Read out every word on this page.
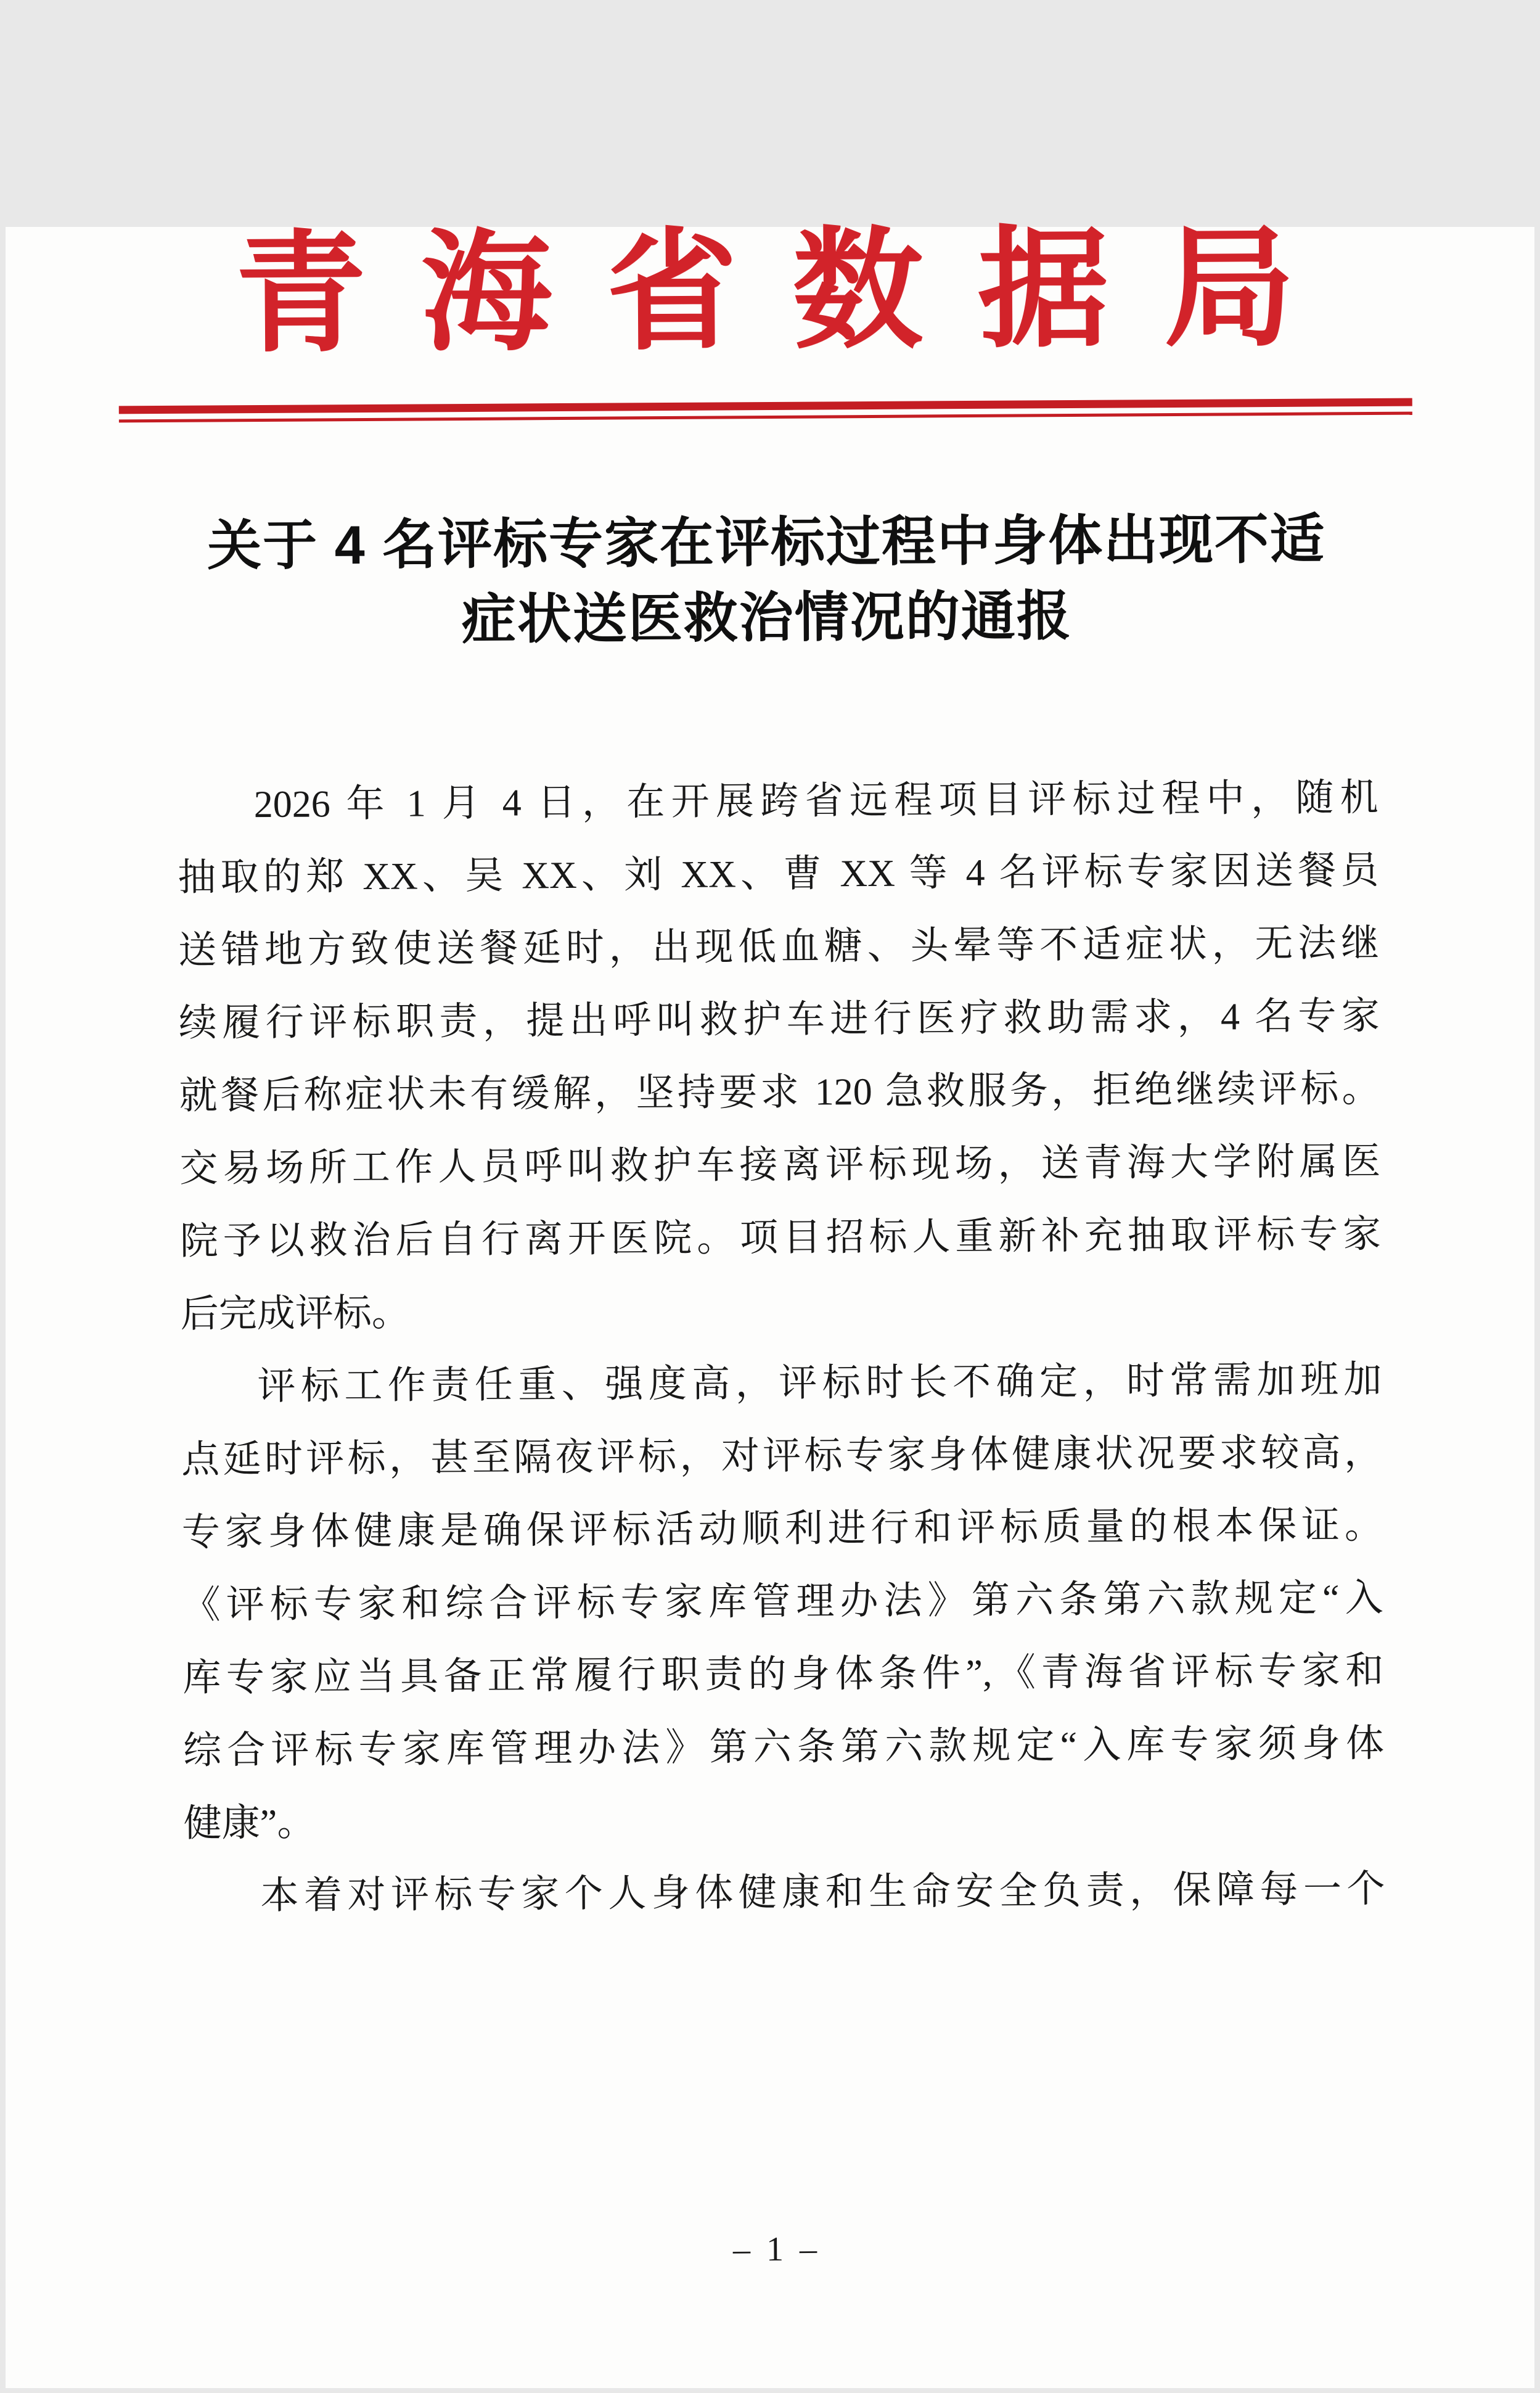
青 海 省 数 据 局
关于 4 名评标专家在评标过程中身体出现不适
症状送医救治情况的通报
2026 年 1 月 4 日，在开展跨省远程项目评标过程中，随机
抽取的郑 XX、吴 XX、刘 XX、曹 XX 等 4 名评标专家因送餐员
送错地方致使送餐延时，出现低血糖、头晕等不适症状，无法继
续履行评标职责，提出呼叫救护车进行医疗救助需求，4 名专家
就餐后称症状未有缓解，坚持要求 120 急救服务，拒绝继续评标。
交易场所工作人员呼叫救护车接离评标现场，送青海大学附属医
院予以救治后自行离开医院。项目招标人重新补充抽取评标专家
后完成评标。
评标工作责任重、强度高，评标时长不确定，时常需加班加
点延时评标，甚至隔夜评标，对评标专家身体健康状况要求较高，
专家身体健康是确保评标活动顺利进行和评标质量的根本保证。
《评标专家和综合评标专家库管理办法》第六条第六款规定“入
库专家应当具备正常履行职责的身体条件”,《青海省评标专家和
综合评标专家库管理办法》第六条第六款规定“入库专家须身体
健康”。
本着对评标专家个人身体健康和生命安全负责，保障每一个
– 1 –
